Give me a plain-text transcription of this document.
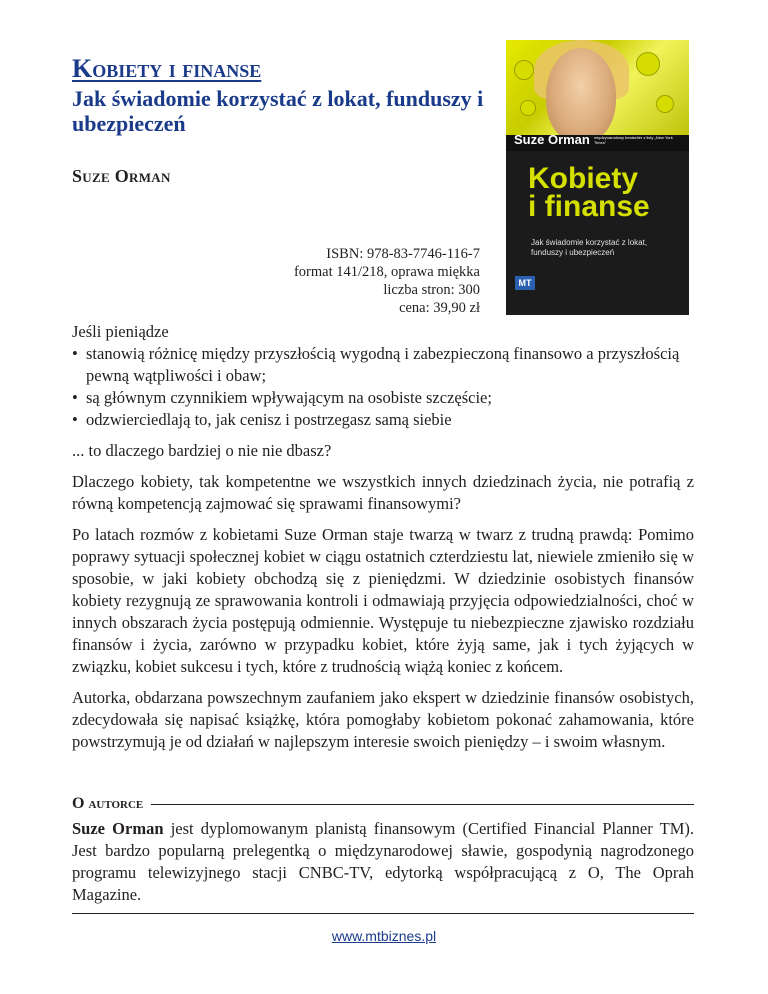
Kobiety i finanse
Jak świadomie korzystać z lokat, funduszy i ubezpieczeń
Suze Orman
ISBN: 978-83-7746-116-7
format 141/218, oprawa miękka
liczba stron: 300
cena: 39,90 zł
Suze Orman międzynarodowy bestseller z listy „New York Times”
Kobiety
i finanse
Jak świadomie korzystać z lokat, funduszy i ubezpieczeń
MT
Jeśli pieniądze
• stanowią różnicę między przyszłością wygodną i zabezpieczoną finansowo a przyszłością pewną wątpliwości i obaw;
• są głównym czynnikiem wpływającym na osobiste szczęście;
• odzwierciedlają to, jak cenisz i postrzegasz samą siebie

... to dlaczego bardziej o nie nie dbasz?

Dlaczego kobiety, tak kompetentne we wszystkich innych dziedzinach życia, nie potrafią z równą kompetencją zajmować się sprawami finansowymi?

Po latach rozmów z kobietami Suze Orman staje twarzą w twarz z trudną prawdą: Pomimo poprawy sytuacji społecznej kobiet w ciągu ostatnich czterdziestu lat, niewiele zmieniło się w sposobie, w jaki kobiety obchodzą się z pieniędzmi. W dziedzinie osobistych finansów kobiety rezygnują ze sprawowania kontroli i odmawiają przyjęcia odpowiedzialności, choć w innych obszarach życia postępują odmiennie. Występuje tu niebezpieczne zjawisko rozdziału finansów i życia, zarówno w przypadku kobiet, które żyją same, jak i tych żyjących w związku, kobiet sukcesu i tych, które z trudnością wiążą koniec z końcem.

Autorka, obdarzana powszechnym zaufaniem jako ekspert w dziedzinie finansów osobistych, zdecydowała się napisać książkę, która pomogłaby kobietom pokonać zahamowania, które powstrzymują je od działań w najlepszym interesie swoich pieniędzy – i swoim własnym.

O autorce
Suze Orman jest dyplomowanym planistą finansowym (Certified Financial Planner TM). Jest bardzo popularną prelegentką o międzynarodowej sławie, gospodynią nagrodzonego programu telewizyjnego stacji CNBC-TV, edytorką współpracującą z O, The Oprah Magazine.
www.mtbiznes.pl
